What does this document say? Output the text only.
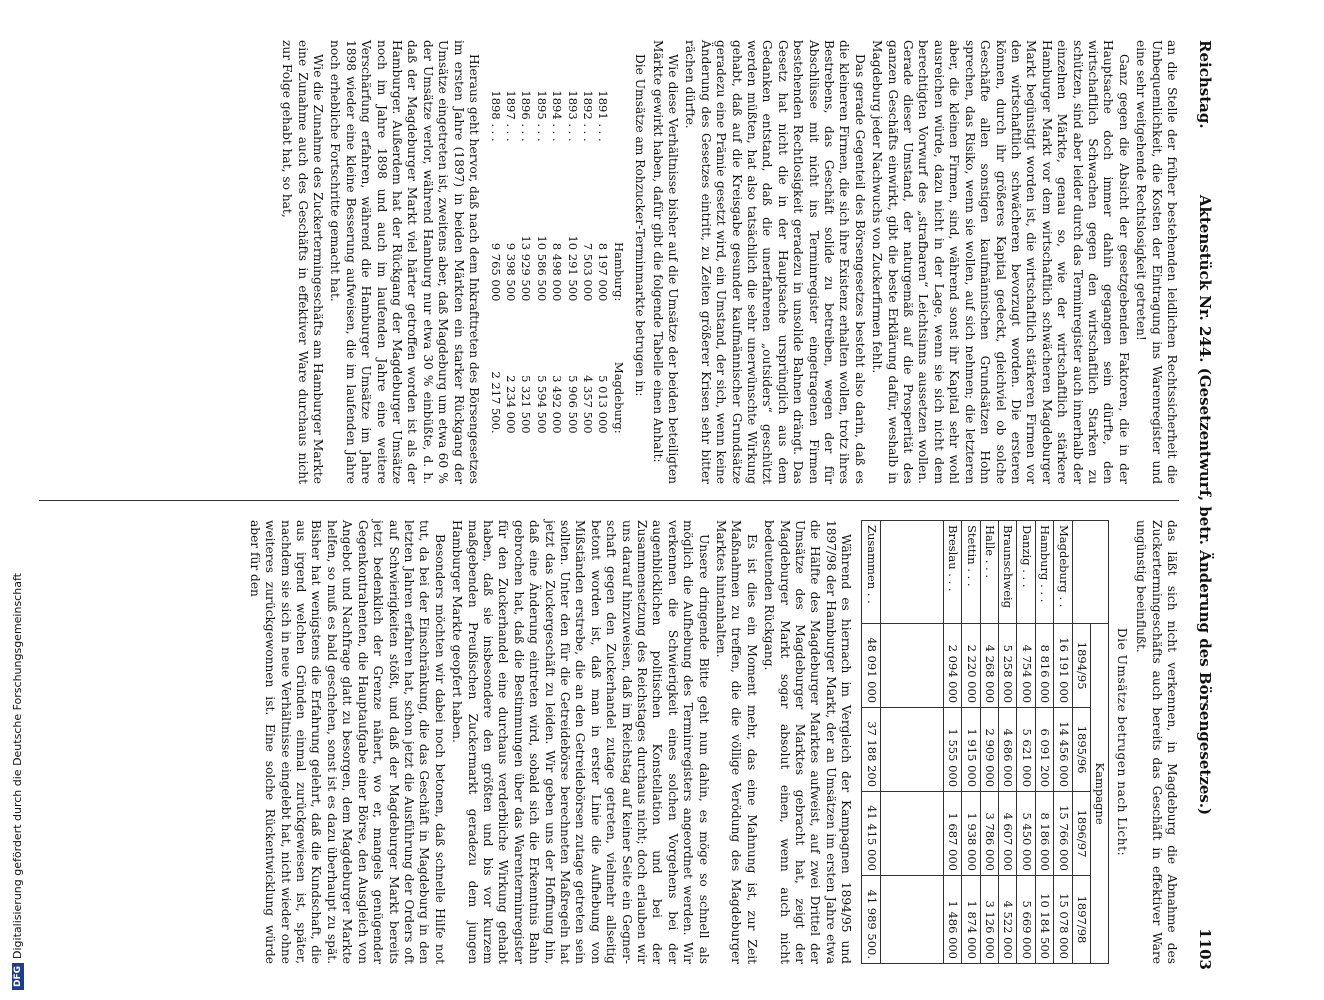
DFGDigitalisierung gefördert durch die Deutsche Forschungsgemeinschaft
Reichstag.
Aktenstück Nr. 244. (Gesetzentwurf, betr. Änderung des Börsengesetzes.)
1103

an die Stelle der früher bestehenden leidlichen Rechtssicherheit die Unbequemlichkeit, die Kosten der Eintragung ins Warenregister und eine sehr weitgehende Rechtslosigkeit getreten!

Ganz gegen die Absicht der gesetzgebenden Faktoren, die in der Hauptsache doch immer dahin gegangen sein dürfte, den wirtschaftlich Schwachen gegen den wirtschaftlich Starken zu schützen, sind aber leider durch das Terminregister auch innerhalb der einzelnen Märkte, genau so, wie der wirtschaftlich stärkere Hamburger Markt vor dem wirtschaftlich schwächeren Magdeburger Markt begünstigt worden ist, die wirtschaftlich stärkeren Firmen vor den wirtschaftlich schwächeren bevorzugt worden. Die ersteren können, durch ihr größeres Kapital gedeckt, gleichviel ob solche Geschäfte allen sonstigen kaufmännischen Grundsätzen Hohn sprechen, das Risiko, wenn sie wollen, auf sich nehmen; die letzteren aber, die kleinen Firmen, sind, während sonst ihr Kapital sehr wohl ausreichen würde, dazu nicht in der Lage, wenn sie sich nicht dem berechtigten Vorwurf des „strafbaren“ Leichtsinns aussetzen wollen. Gerade dieser Umstand, der naturgemäß auf die Prosperität des ganzen Geschäfts einwirkt, gibt die beste Erklärung dafür, weshalb in Magdeburg jeder Nachwuchs von Zuckerfirmen fehlt.

Das gerade Gegenteil des Börsengesetzes besteht also darin, daß es die kleineren Firmen, die sich ihre Existenz erhalten wollen, trotz ihres Bestrebens, das Geschäft solide zu betreiben, wegen der für Abschlüsse mit nicht ins Terminregister eingetragenen Firmen bestehenden Rechtlosigkeit geradezu in unsolide Bahnen drängt. Das Gesetz hat nicht die in der Hauptsache ursprünglich aus dem Gedanken entstand, daß die unerfahrenen „outsiders“ geschützt werden müßten, hat also tatsächlich die sehr unerwünschte Wirkung gehabt, daß auf die Kreisgabe gesunder kaufmännischer Grundsätze geradezu eine Prämie gesetzt wird, ein Umstand, der sich, wenn keine Änderung des Gesetzes eintritt, zu Zeiten größerer Krisen sehr bitter rächen dürfte.

Wie diese Verhältnisse bisher auf die Umsätze der beiden beteiligten Märkte gewirkt haben, dafür gibt die folgende Tabelle einen Anhalt:

Die Umsätze am Rohzucker-Terminmarkte betrugen in:

	Hamburg:	Magdeburg:
1891 . . .	8 197 000	5 013 000
1892 . . .	7 503 000	4 357 500
1893 . . .	10 291 500	5 906 500
1894 . . .	8 498 000	3 492 000
1895 . . .	10 586 500	5 594 500
1896 . . .	13 929 500	5 321 500
1897 . . .	9 398 500	2 234 000
1898 . . .	9 765 000	2 217 500.

Hieraus geht hervor, daß nach dem Inkrafttreten des Börsengesetzes im ersten Jahre (1897) in beiden Märkten ein starker Rückgang der Umsätze eingetreten ist, zweitens aber, daß Magdeburg um etwa 60 % der Umsätze verlor, während Hamburg nur etwa 30 % einbüßte, d. h. daß der Magdeburger Markt viel härter getroffen worden ist als der Hamburger. Außerdem hat der Rückgang der Magdeburger Umsätze noch im Jahre 1898 und auch im laufenden Jahre eine weitere Verschärfung erfahren, während die Hamburger Umsätze im Jahre 1898 wieder eine kleine Besserung aufweisen, die im laufenden Jahre noch erhebliche Fortschritte gemacht hat.

Wie die Zunahme des Zuckertermingeschäfts am Hamburger Markte eine Zunahme auch des Geschäfts in effektiver Ware durchaus nicht zur Folge gehabt hat, so hat,

das läßt sich nicht verkennen, in Magdeburg die Abnahme des Zuckertermingeschäfts auch bereits das Geschäft in effektiver Ware ungünstig beeinflußt.

Die Umsätze betrugen nach Licht:
	Kampagne			
	1894/95	1895/96	1896/97	1897/98
Magdeburg . .	16 191 000	14 456 000	15 766 000	15 078 000
Hamburg . . .	8 816 000	6 091 200	8 186 000	10 184 500
Danzig . . .	4 754 000	5 621 000	5 450 000	5 669 000
Braunschweig	5 258 000	4 686 000	4 607 000	4 522 000
Halle . . .	4 268 000	2 909 000	3 786 000	3 126 000
Stettin . . .	2 220 000	1 915 000	1 938 000	1 874 000
Breslau . . .	2 094 000	1 555 000	1 687 000	1 486 000

Zusammen . .	48 091 000	37 188 200	41 415 000	41 989 500.

Während es hiernach im Vergleich der Kampagnen 1894/95 und 1897/98 der Hamburger Markt, der an Umsätzen im ersten Jahre etwa die Hälfte des Magdeburger Marktes aufweist, auf zwei Drittel der Umsätze des Magdeburger Marktes gebracht hat, zeigt der Magdeburger Markt sogar absolut einen, wenn auch nicht bedeutenden Rückgang.

Es ist dies ein Moment mehr, das eine Mahnung ist, zur Zeit Maßnahmen zu treffen, die die völlige Verödung des Magdeburger Marktes hintanhalten.

Unsere dringende Bitte geht nun dahin, es möge so schnell als möglich die Aufhebung des Terminregisters angeordnet werden. Wir verkennen die Schwierigkeit eines solchen Vorgehens bei der augenblicklichen politischen Konstellation und bei der Zusammensetzung des Reichstages durchaus nicht; doch erlauben wir uns darauf hinzuweisen, daß im Reichstag auf keiner Seite ein Gegner-schaft gegen den Zuckerhandel zutage getreten, vielmehr allseitig betont worden ist, daß man in erster Linie die Aufhebung von Mißständen erstrebe, die an den Getreidebörsen zutage getreten sein sollten. Unter den für die Getreidebörse berechneten Maßregeln hat jetzt das Zuckergeschäft zu leiden. Wir geben uns der Hoffnung hin, daß eine Änderung eintreten wird, sobald sich die Erkenntnis Bahn gebrochen hat, daß die Bestimmungen über das Warenterminregister für den Zuckerhandel eine durchaus verderbliche Wirkung gehabt haben, daß sie insbesondere den größten und bis vor kurzem maßgebenden Preußischen Zuckermarkt geradezu dem jungen Hamburger Markte geopfert haben.

Besonders möchten wir dabei noch betonen, daß schnelle Hilfe not tut, da bei der Einschränkung, die das Geschäft in Magdeburg in den letzten Jahren erfahren hat, schon jetzt die Ausführung der Orders oft auf Schwierigkeiten stößt, und daß der Magdeburger Markt bereits jetzt bedenklich der Grenze nähert, wo er, mangels genügender Gegenkontrahenten, die Hauptaufgabe einer Börse, den Ausgleich von Angebot und Nachfrage glatt zu besorgen, dem Magdeburger Markte helfen, so muß es bald geschehen, sonst ist es dazu überhaupt zu spät. Bisher hat wenigstens die Erfahrung gelehrt, daß die Kundschaft, die aus irgend welchen Gründen einmal zurückgewiesen ist, später, nachdem sie sich in neue Verhältnisse eingelebt hat, nicht wieder ohne weiteres zurückgewonnen ist. Eine solche Rückentwicklung würde aber für den
